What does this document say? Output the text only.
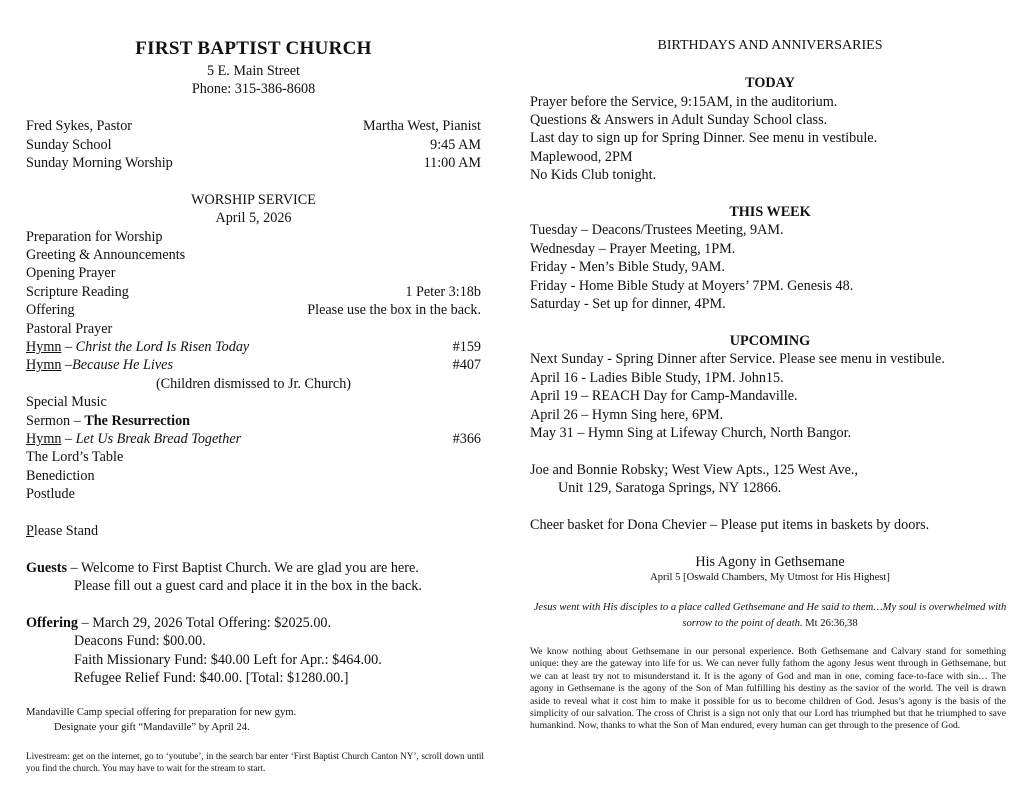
FIRST BAPTIST CHURCH
5 E. Main Street
Phone: 315-386-8608
Fred Sykes, Pastor	Martha West, Pianist
Sunday School	9:45 AM
Sunday Morning Worship	11:00 AM
WORSHIP SERVICE
April 5, 2026
Preparation for Worship
Greeting & Announcements
Opening Prayer
Scripture Reading	1 Peter 3:18b
Offering	Please use the box in the back.
Pastoral Prayer
Hymn – Christ the Lord Is Risen Today	#159
Hymn –Because He Lives	#407
(Children dismissed to Jr. Church)
Special Music
Sermon – The Resurrection
Hymn – Let Us Break Bread Together	#366
The Lord’s Table
Benediction
Postlude
Please Stand
Guests – Welcome to First Baptist Church. We are glad you are here.
Please fill out a guest card and place it in the box in the back.
Offering – March 29, 2026 Total Offering: $2025.00.
Deacons Fund: $00.00.
Faith Missionary Fund: $40.00 Left for Apr.: $464.00.
Refugee Relief Fund: $40.00. [Total: $1280.00.]
Mandaville Camp special offering for preparation for new gym.
Designate your gift “Mandaville” by April 24.
Livestream: get on the internet, go to ‘youtube’, in the search bar enter ‘First Baptist Church Canton NY’, scroll down until you find the church. You may have to wait for the stream to start.
BIRTHDAYS AND ANNIVERSARIES
TODAY
Prayer before the Service, 9:15AM, in the auditorium.
Questions & Answers in Adult Sunday School class.
Last day to sign up for Spring Dinner. See menu in vestibule.
Maplewood, 2PM
No Kids Club tonight.
THIS WEEK
Tuesday – Deacons/Trustees Meeting, 9AM.
Wednesday – Prayer Meeting, 1PM.
Friday - Men’s Bible Study, 9AM.
Friday - Home Bible Study at Moyers’ 7PM. Genesis 48.
Saturday - Set up for dinner, 4PM.
UPCOMING
Next Sunday - Spring Dinner after Service. Please see menu in vestibule.
April 16 - Ladies Bible Study, 1PM. John15.
April 19 – REACH Day for Camp-Mandaville.
April 26 – Hymn Sing here, 6PM.
May 31 – Hymn Sing at Lifeway Church, North Bangor.
Joe and Bonnie Robsky; West View Apts., 125 West Ave.,
Unit 129, Saratoga Springs, NY 12866.
Cheer basket for Dona Chevier – Please put items in baskets by doors.
His Agony in Gethsemane
April 5 [Oswald Chambers, My Utmost for His Highest]
Jesus went with His disciples to a place called Gethsemane and He said to them…My soul is overwhelmed with sorrow to the point of death. Mt 26:36,38
We know nothing about Gethsemane in our personal experience. Both Gethsemane and Calvary stand for something unique: they are the gateway into life for us. We can never fully fathom the agony Jesus went through in Gethsemane, but we can at least try not to misunderstand it. It is the agony of God and man in one, coming face-to-face with sin… The agony in Gethsemane is the agony of the Son of Man fulfilling his destiny as the savior of the world. The veil is drawn aside to reveal what it cost him to make it possible for us to become children of God. Jesus’s agony is the basis of the simplicity of our salvation. The cross of Christ is a sign not only that our Lord has triumphed but that he triumphed to save humankind. Now, thanks to what the Son of Man endured, every human can get through to the presence of God.
